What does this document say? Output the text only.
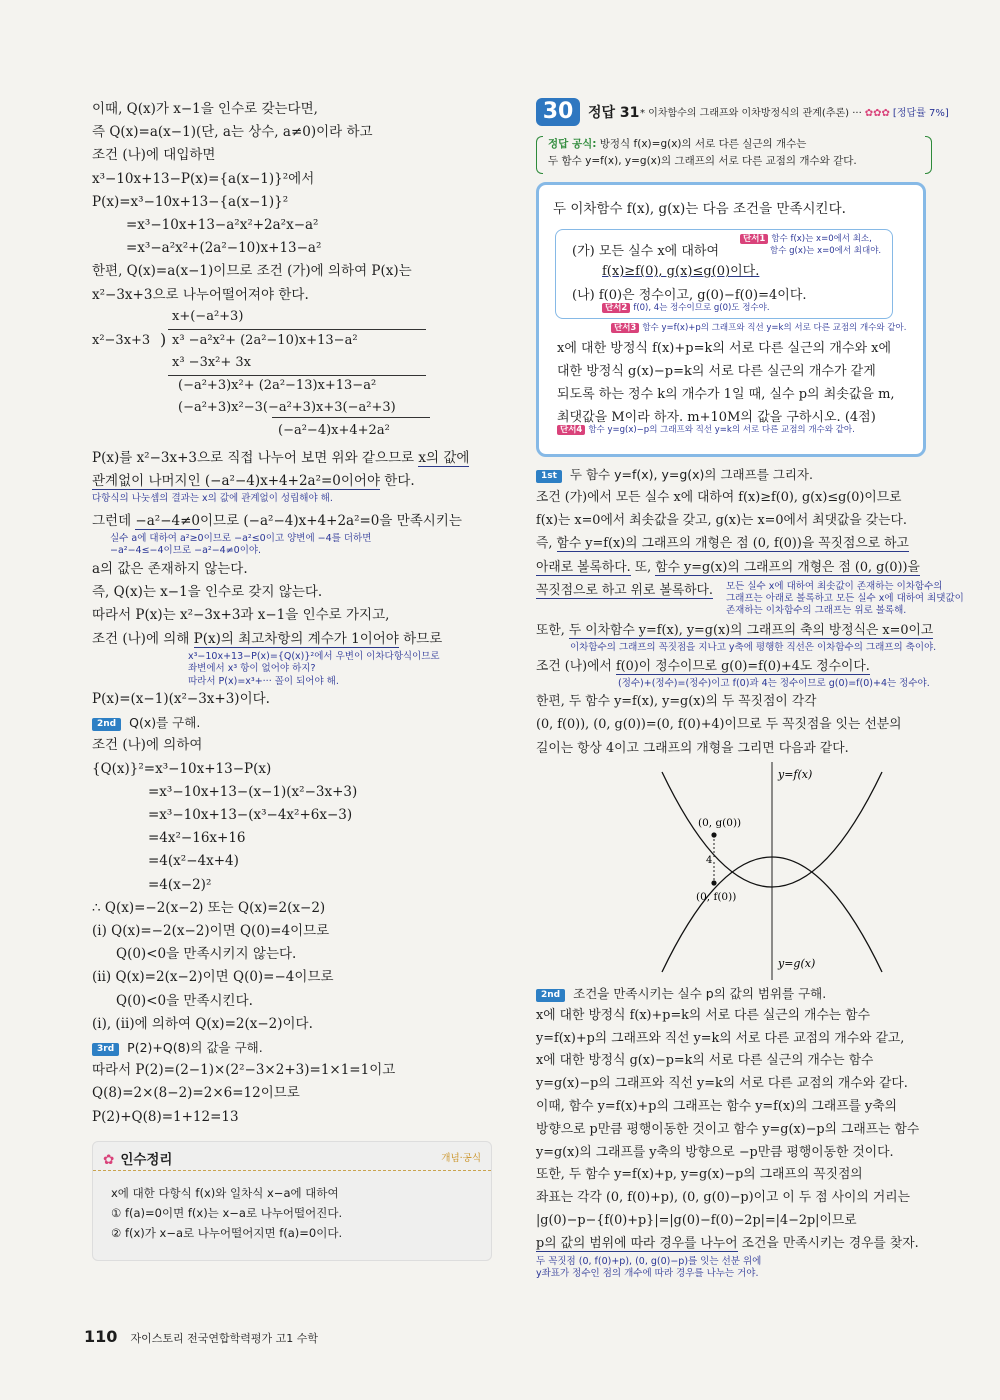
이때, Q(x)가 x−1을 인수로 갖는다면,
즉 Q(x)=a(x−1)(단, a는 상수, a≠0)이라 하고
조건 (나)에 대입하면
x³−10x+13−P(x)={a(x−1)}²에서
P(x)=x³−10x+13−{a(x−1)}²
=x³−10x+13−a²x²+2a²x−a²
=x³−a²x²+(2a²−10)x+13−a²
한편, Q(x)=a(x−1)이므로 조건 (가)에 의하여 P(x)는
x²−3x+3으로 나누어떨어져야 한다.
x+(−a²+3)
x²−3x+3 ) x³ −a²x²+ (2a²−10)x+13−a²
x³ −3x²+ 3x
(−a²+3)x²+ (2a²−13)x+13−a²
(−a²+3)x²−3(−a²+3)x+3(−a²+3)
(−a²−4)x+4+2a²
P(x)를 x²−3x+3으로 직접 나누어 보면 위와 같으므로 x의 값에
관계없이 나머지인 (−a²−4)x+4+2a²=0이어야 한다.
다항식의 나눗셈의 결과는 x의 값에 관계없이 성립해야 해.
그런데 −a²−4≠0이므로 (−a²−4)x+4+2a²=0을 만족시키는
실수 a에 대하여 a²≥0이므로 −a²≤0이고 양변에 −4를 더하면
−a²−4≤−4이므로 −a²−4≠0이야.
a의 값은 존재하지 않는다.
즉, Q(x)는 x−1을 인수로 갖지 않는다.
따라서 P(x)는 x²−3x+3과 x−1을 인수로 가지고,
조건 (나)에 의해 P(x)의 최고차항의 계수가 1이어야 하므로
x³−10x+13−P(x)={Q(x)}²에서 우변이 이차다항식이므로
좌변에서 x³ 항이 없어야 하지?
따라서 P(x)=x³+··· 꼴이 되어야 해.
P(x)=(x−1)(x²−3x+3)이다.
2nd Q(x)를 구해.
조건 (나)에 의하여
{Q(x)}²=x³−10x+13−P(x)
=x³−10x+13−(x−1)(x²−3x+3)
=x³−10x+13−(x³−4x²+6x−3)
=4x²−16x+16
=4(x²−4x+4)
=4(x−2)²
∴ Q(x)=−2(x−2) 또는 Q(x)=2(x−2)
(i) Q(x)=−2(x−2)이면 Q(0)=4이므로
Q(0)<0을 만족시키지 않는다.
(ii) Q(x)=2(x−2)이면 Q(0)=−4이므로
Q(0)<0을 만족시킨다.
(i), (ii)에 의하여 Q(x)=2(x−2)이다.
3rd P(2)+Q(8)의 값을 구해.
따라서 P(2)=(2−1)×(2²−3×2+3)=1×1=1이고
Q(8)=2×(8−2)=2×6=12이므로
P(2)+Q(8)=1+12=13
✿ 인수정리	개념·공식
x에 대한 다항식 f(x)와 일차식 x−a에 대하여
① f(a)=0이면 f(x)는 x−a로 나누어떨어진다.
② f(x)가 x−a로 나누어떨어지면 f(a)=0이다.
30	정답 31 * 이차함수의 그래프와 이차방정식의 관계(추론) ··· ✿✿✿ [정답률 7%]
정답 공식: 방정식 f(x)=g(x)의 서로 다른 실근의 개수는
두 함수 y=f(x), y=g(x)의 그래프의 서로 다른 교점의 개수와 같다.
두 이차함수 f(x), g(x)는 다음 조건을 만족시킨다.
(가) 모든 실수 x에 대하여
단서1 함수 f(x)는 x=0에서 최소,
함수 g(x)는 x=0에서 최대야.
f(x)≥f(0), g(x)≤g(0)이다.
(나) f(0)은 정수이고, g(0)−f(0)=4이다.
단서2 f(0), 4는 정수이므로 g(0)도 정수야.
단서3 함수 y=f(x)+p의 그래프와 직선 y=k의 서로 다른 교점의 개수와 같아.
x에 대한 방정식 f(x)+p=k의 서로 다른 실근의 개수와 x에
대한 방정식 g(x)−p=k의 서로 다른 실근의 개수가 같게
되도록 하는 정수 k의 개수가 1일 때, 실수 p의 최솟값을 m,
최댓값을 M이라 하자. m+10M의 값을 구하시오. (4점)
단서4 함수 y=g(x)−p의 그래프와 직선 y=k의 서로 다른 교점의 개수와 같아.
1st 두 함수 y=f(x), y=g(x)의 그래프를 그리자.
조건 (가)에서 모든 실수 x에 대하여 f(x)≥f(0), g(x)≤g(0)이므로
f(x)는 x=0에서 최솟값을 갖고, g(x)는 x=0에서 최댓값을 갖는다.
즉, 함수 y=f(x)의 그래프의 개형은 점 (0, f(0))을 꼭짓점으로 하고
아래로 볼록하다. 또, 함수 y=g(x)의 그래프의 개형은 점 (0, g(0))을
꼭짓점으로 하고 위로 볼록하다. 모든 실수 x에 대하여 최솟값이 존재하는 이차함수의
그래프는 아래로 볼록하고 모든 실수 x에 대하여 최댓값이
존재하는 이차함수의 그래프는 위로 볼록해.
또한, 두 이차함수 y=f(x), y=g(x)의 그래프의 축의 방정식은 x=0이고
이차함수의 그래프의 꼭짓점을 지나고 y축에 평행한 직선은 이차함수의 그래프의 축이야.
조건 (나)에서 f(0)이 정수이므로 g(0)=f(0)+4도 정수이다.
(정수)+(정수)=(정수)이고 f(0)과 4는 정수이므로 g(0)=f(0)+4는 정수야.
한편, 두 함수 y=f(x), y=g(x)의 두 꼭짓점이 각각
(0, f(0)), (0, g(0))=(0, f(0)+4)이므로 두 꼭짓점을 잇는 선분의
길이는 항상 4이고 그래프의 개형을 그리면 다음과 같다.
y=f(x)
y=g(x)
(0, g(0))
(0, f(0))
4
2nd 조건을 만족시키는 실수 p의 값의 범위를 구해.
x에 대한 방정식 f(x)+p=k의 서로 다른 실근의 개수는 함수
y=f(x)+p의 그래프와 직선 y=k의 서로 다른 교점의 개수와 같고,
x에 대한 방정식 g(x)−p=k의 서로 다른 실근의 개수는 함수
y=g(x)−p의 그래프와 직선 y=k의 서로 다른 교점의 개수와 같다.
이때, 함수 y=f(x)+p의 그래프는 함수 y=f(x)의 그래프를 y축의
방향으로 p만큼 평행이동한 것이고 함수 y=g(x)−p의 그래프는 함수
y=g(x)의 그래프를 y축의 방향으로 −p만큼 평행이동한 것이다.
또한, 두 함수 y=f(x)+p, y=g(x)−p의 그래프의 꼭짓점의
좌표는 각각 (0, f(0)+p), (0, g(0)−p)이고 이 두 점 사이의 거리는
|g(0)−p−{f(0)+p}|=|g(0)−f(0)−2p|=|4−2p|이므로
p의 값의 범위에 따라 경우를 나누어 조건을 만족시키는 경우를 찾자.
두 꼭짓점 (0, f(0)+p), (0, g(0)−p)를 잇는 선분 위에
y좌표가 정수인 점의 개수에 따라 경우를 나누는 거야.
110 자이스토리 전국연합학력평가 고1 수학
